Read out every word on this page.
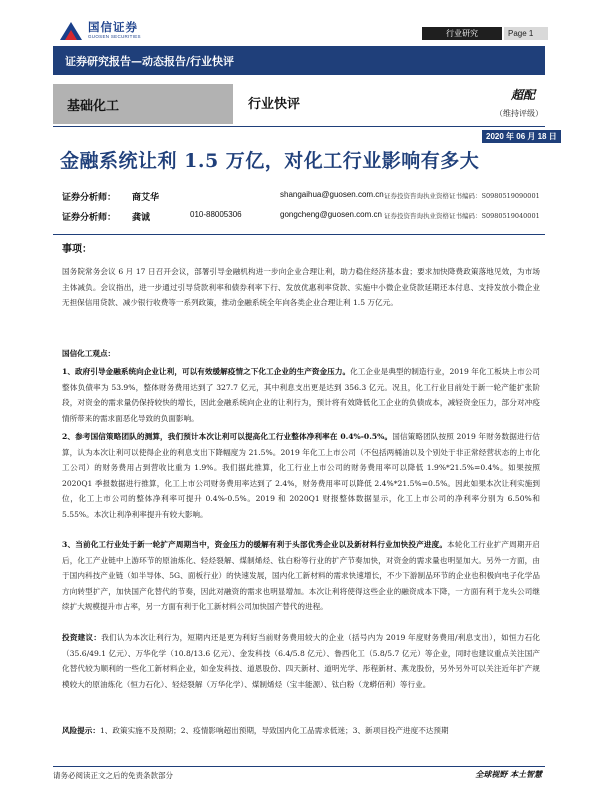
国信证券
GUOSEN SECURITIES	行业研究	Page 1
证券研究报告—动态报告/行业快评
基础化工	行业快评
超配
（维持评级）
2020 年 06 月 18 日
金融系统让利 1.5 万亿，对化工行业影响有多大
证券分析师： 商艾华	shangaihua@guosen.com.cn 证券投资咨询执业资格证书编码：S0980519090001
证券分析师： 龚诚	010-88005306	gongcheng@guosen.com.cn 证券投资咨询执业资格证书编码：S0980519040001
事项：

国务院常务会议 6 月 17 日召开会议，部署引导金融机构进一步向企业合理让利，助力稳住经济基本盘；要求加快降费政策落地见效，为市场主体减负。会议指出，进一步通过引导贷款利率和债券利率下行、发放优惠利率贷款、实施中小微企业贷款延期还本付息、支持发放小微企业无担保信用贷款、减少银行收费等一系列政策，推动金融系统全年向各类企业合理让利 1.5 万亿元。

国信化工观点：

1、政府引导金融系统向企业让利，可以有效缓解疫情之下化工企业的生产资金压力。化工企业是典型的制造行业，2019 年化工板块上市公司整体负债率为 53.9%，整体财务费用达到了 327.7 亿元，其中利息支出更是达到 356.3 亿元。况且，化工行业目前处于新一轮产能扩张阶段，对资金的需求量仍保持较快的增长，因此金融系统向企业的让利行为，预计将有效降低化工企业的负债成本，减轻资金压力，部分对冲疫情所带来的需求面恶化导致的负面影响。

2、参考国信策略团队的测算，我们预计本次让利可以提高化工行业整体净利率在 0.4%-0.5%。国信策略团队按照 2019 年财务数据进行估算，认为本次让利可以使得企业的利息支出下降幅度为 21.5%。2019 年化工上市公司（不包括两桶油以及个别处于非正常经营状态的上市化工公司）的财务费用占到营收比重为 1.9%。我们据此推算，化工行业上市公司的财务费用率可以降低 1.9%*21.5%=0.4%。如果按照 2020Q1 季报数据进行推算，化工上市公司财务费用率达到了 2.4%，财务费用率可以降低 2.4%*21.5%=0.5%。因此如果本次让利实施到位，化工上市公司的整体净利率可提升 0.4%-0.5%。2019 和 2020Q1 财报整体数据显示，化工上市公司的净利率分别为 6.50%和 5.55%。本次让利净利率提升有较大影响。

3、当前化工行业处于新一轮扩产周期当中，资金压力的缓解有利于头部优秀企业以及新材料行业加快投产进度。本轮化工行业扩产周期开启后，化工产业链中上游环节的原油炼化、轻烃裂解、煤制烯烃、钛白粉等行业的扩产节奏加快，对资金的需求量也明显加大。另外一方面，由于国内科技产业链（如半导体、5G、面板行业）的快速发展，国内化工新材料的需求快速增长，不少下游制品环节的企业也积极向电子化学品方向转型扩产，加快国产化替代的节奏，因此对融资的需求也明显增加。本次让利将使得这些企业的融资成本下降，一方面有利于龙头公司继续扩大规模提升市占率，另一方面有利于化工新材料公司加快国产替代的进程。

投资建议：我们认为本次让利行为，短期内还是更为利好当前财务费用较大的企业（括号内为 2019 年度财务费用/利息支出），如恒力石化（35.6/49.1 亿元）、万华化学（10.8/13.6 亿元）、金发科技（6.4/5.8 亿元）、鲁西化工（5.8/5.7 亿元）等企业，同时也建议重点关注国产化替代较为顺利的一些化工新材料企业，如金发科技、道恩股份、四天新材、道明光学、彤程新材、燕龙股份，另外另外可以关注近年扩产规模较大的原油炼化（恒力石化）、轻烃裂解（万华化学）、煤制烯烃（宝丰能源）、钛白粉（龙蟒佰利）等行业。

风险提示：1、政策实施不及预期；2、疫情影响超出预期，导致国内化工品需求低迷；3、新项目投产进度不达预期

请务必阅读正文之后的免责条款部分	全球视野 本土智慧
